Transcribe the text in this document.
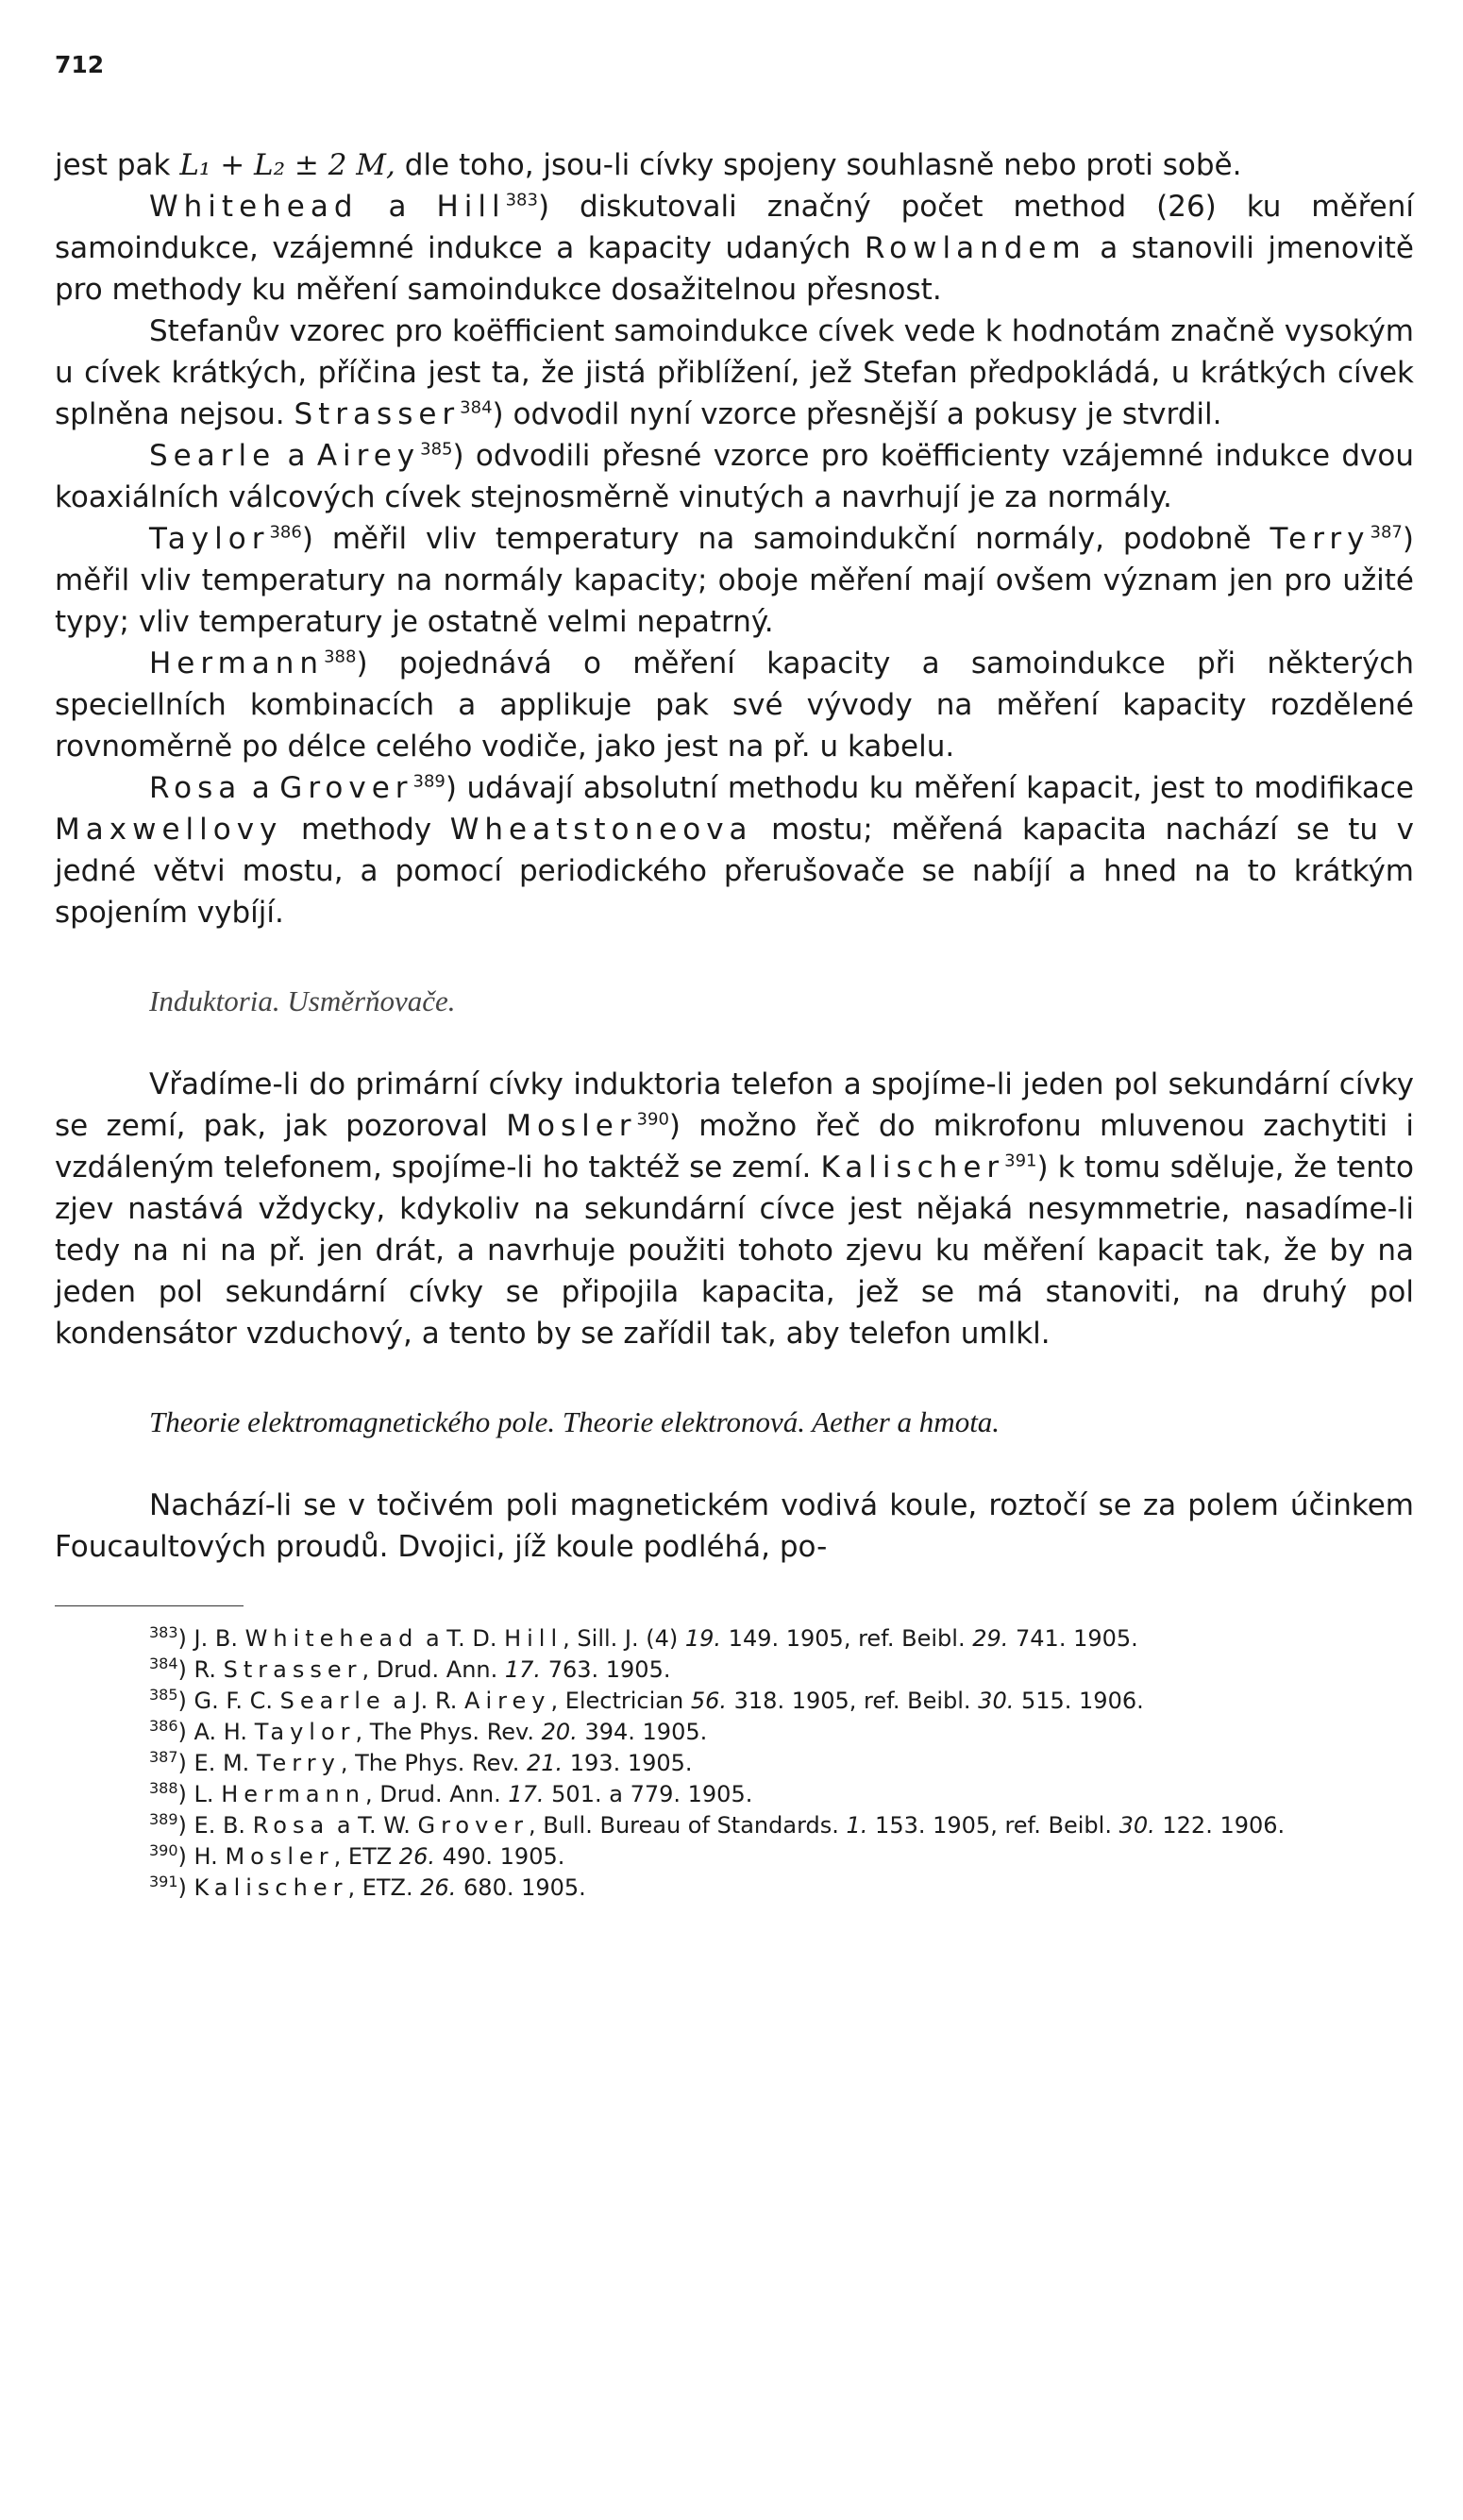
712

jest pak L₁ + L₂ ± 2 M, dle toho, jsou-li cívky spojeny souhlasně nebo proti sobě.

Whitehead a Hill$^{383}$) diskutovali značný počet method (26) ku měření samoindukce, vzájemné indukce a kapacity udaných Rowlandem a stanovili jmenovitě pro methody ku měření samoindukce dosažitelnou přesnost.

Stefanův vzorec pro koëfficient samoindukce cívek vede k hodnotám značně vysokým u cívek krátkých, příčina jest ta, že jistá přiblížení, jež Stefan předpokládá, u krátkých cívek splněna nejsou. Strasser$^{384}$) odvodil nyní vzorce přesnější a pokusy je stvrdil.

Searle a Airey$^{385}$) odvodili přesné vzorce pro koëfficienty vzájemné indukce dvou koaxiálních válcových cívek stejnosměrně vinutých a navrhují je za normály.

Taylor$^{386}$) měřil vliv temperatury na samoindukční normály, podobně Terry$^{387}$) měřil vliv temperatury na normály kapacity; oboje měření mají ovšem význam jen pro užité typy; vliv temperatury je ostatně velmi nepatrný.

Hermann$^{388}$) pojednává o měření kapacity a samoindukce při některých speciellních kombinacích a applikuje pak své vývody na měření kapacity rozdělené rovnoměrně po délce celého vodiče, jako jest na př. u kabelu.

Rosa a Grover$^{389}$) udávají absolutní methodu ku měření kapacit, jest to modifikace Maxwellovy methody Wheatstoneova mostu; měřená kapacita nachází se tu v jedné větvi mostu, a pomocí periodického přerušovače se nabíjí a hned na to krátkým spojením vybíjí.

Induktoria. Usměrňovače.

Vřadíme-li do primární cívky induktoria telefon a spojíme-li jeden pol sekundární cívky se zemí, pak, jak pozoroval Mosler$^{390}$) možno řeč do mikrofonu mluvenou zachytiti i vzdáleným telefonem, spojíme-li ho taktéž se zemí. Kalischer$^{391}$) k tomu sděluje, že tento zjev nastává vždycky, kdykoliv na sekundární cívce jest nějaká nesymmetrie, nasadíme-li tedy na ni na př. jen drát, a navrhuje použiti tohoto zjevu ku měření kapacit tak, že by na jeden pol sekundární cívky se připojila kapacita, jež se má stanoviti, na druhý pol kondensátor vzduchový, a tento by se zařídil tak, aby telefon umlkl.

Theorie elektromagnetického pole. Theorie elektronová. Aether a hmota.

Nachází-li se v točivém poli magnetickém vodivá koule, roztočí se za polem účinkem Foucaultových proudů. Dvojici, jíž koule podléhá, po-

$^{383}$) J. B. Whitehead a T. D. Hill, Sill. J. (4) 19. 149. 1905, ref. Beibl. 29. 741. 1905.

$^{384}$) R. Strasser, Drud. Ann. 17. 763. 1905.

$^{385}$) G. F. C. Searle a J. R. Airey, Electrician 56. 318. 1905, ref. Beibl. 30. 515. 1906.

$^{386}$) A. H. Taylor, The Phys. Rev. 20. 394. 1905.

$^{387}$) E. M. Terry, The Phys. Rev. 21. 193. 1905.

$^{388}$) L. Hermann, Drud. Ann. 17. 501. a 779. 1905.

$^{389}$) E. B. Rosa a T. W. Grover, Bull. Bureau of Standards. 1. 153. 1905, ref. Beibl. 30. 122. 1906.

$^{390}$) H. Mosler, ETZ 26. 490. 1905.

$^{391}$) Kalischer, ETZ. 26. 680. 1905.
